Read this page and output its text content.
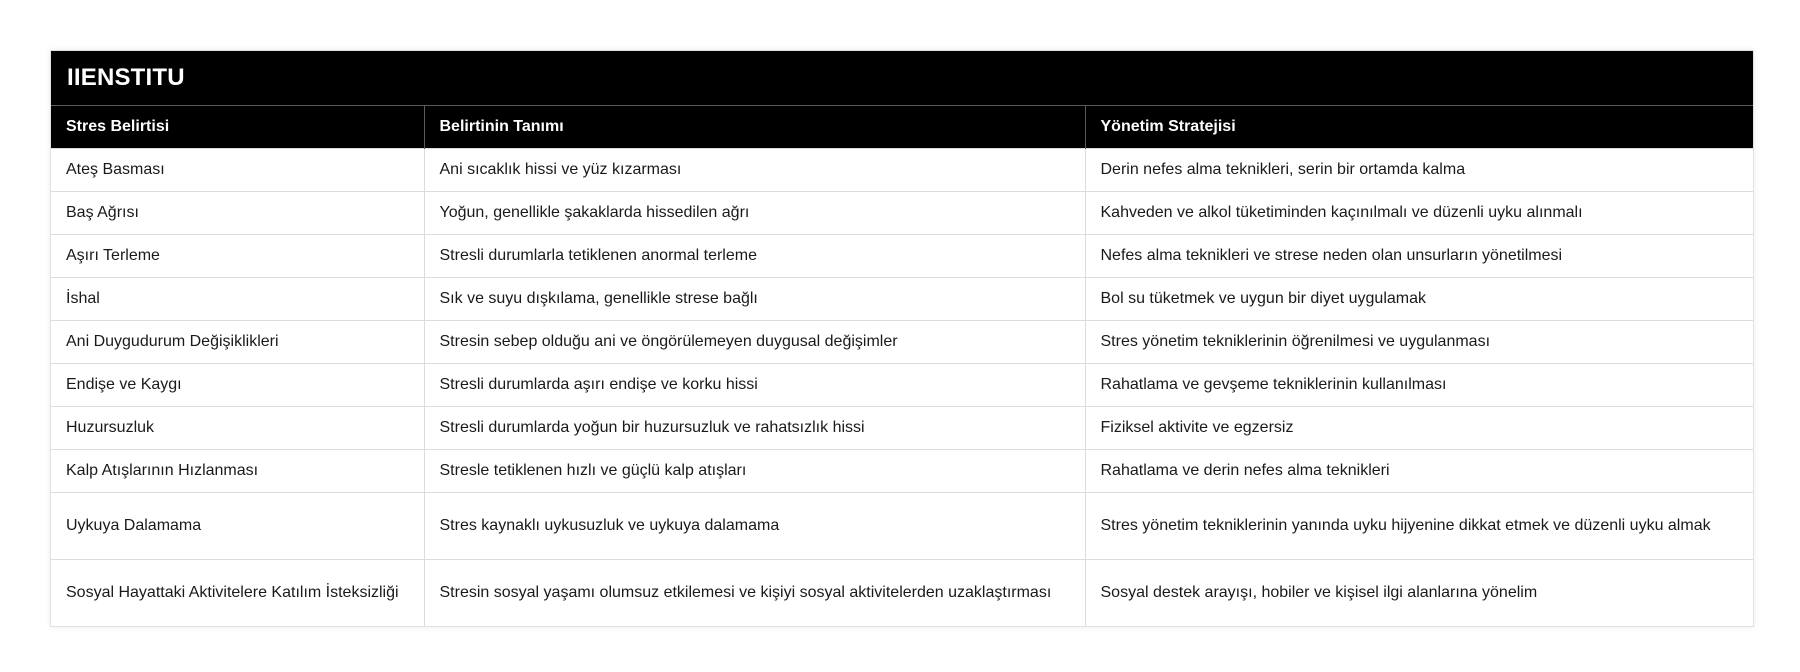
IIENSTITU
Stres Belirtisi	Belirtinin Tanımı	Yönetim Stratejisi
Ateş Basması	Ani sıcaklık hissi ve yüz kızarması	Derin nefes alma teknikleri, serin bir ortamda kalma
Baş Ağrısı	Yoğun, genellikle şakaklarda hissedilen ağrı	Kahveden ve alkol tüketiminden kaçınılmalı ve düzenli uyku alınmalı
Aşırı Terleme	Stresli durumlarla tetiklenen anormal terleme	Nefes alma teknikleri ve strese neden olan unsurların yönetilmesi
İshal	Sık ve suyu dışkılama, genellikle strese bağlı	Bol su tüketmek ve uygun bir diyet uygulamak
Ani Duygudurum Değişiklikleri	Stresin sebep olduğu ani ve öngörülemeyen duygusal değişimler	Stres yönetim tekniklerinin öğrenilmesi ve uygulanması
Endişe ve Kaygı	Stresli durumlarda aşırı endişe ve korku hissi	Rahatlama ve gevşeme tekniklerinin kullanılması
Huzursuzluk	Stresli durumlarda yoğun bir huzursuzluk ve rahatsızlık hissi	Fiziksel aktivite ve egzersiz
Kalp Atışlarının Hızlanması	Stresle tetiklenen hızlı ve güçlü kalp atışları	Rahatlama ve derin nefes alma teknikleri
Uykuya Dalamama	Stres kaynaklı uykusuzluk ve uykuya dalamama	Stres yönetim tekniklerinin yanında uyku hijyenine dikkat etmek ve düzenli uyku almak
Sosyal Hayattaki Aktivitelere Katılım İsteksizliği	Stresin sosyal yaşamı olumsuz etkilemesi ve kişiyi sosyal aktivitelerden uzaklaştırması	Sosyal destek arayışı, hobiler ve kişisel ilgi alanlarına yönelim
